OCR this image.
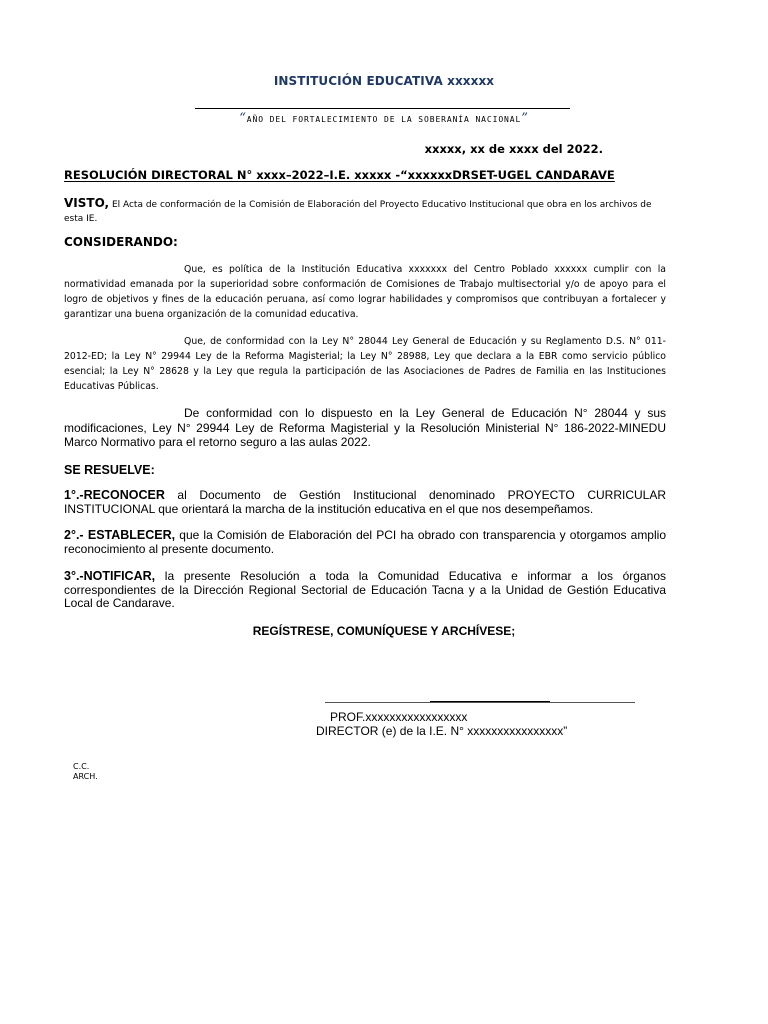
INSTITUCIÓN EDUCATIVA xxxxxx
“AÑO DEL FORTALECIMIENTO DE LA SOBERANÍA NACIONAL”
xxxxx, xx de xxxx del 2022.
RESOLUCIÓN DIRECTORAL N° xxxx–2022–I.E. xxxxx -“xxxxxxDRSET-UGEL CANDARAVE
VISTO, El Acta de conformación de la Comisión de Elaboración del Proyecto Educativo Institucional que obra en los archivos de esta IE.
CONSIDERANDO:
Que, es política de la Institución Educativa xxxxxxx del Centro Poblado xxxxxx cumplir con la normatividad emanada por la superioridad sobre conformación de Comisiones de Trabajo multisectorial y/o de apoyo para el logro de objetivos y fines de la educación peruana, así como lograr habilidades y compromisos que contribuyan a fortalecer y garantizar una buena organización de la comunidad educativa.
Que, de conformidad con la Ley N° 28044 Ley General de Educación y su Reglamento D.S. N° 011-2012-ED; la Ley N° 29944 Ley de la Reforma Magisterial; la Ley N° 28988, Ley que declara a la EBR como servicio público esencial; la Ley N° 28628 y la Ley que regula la participación de las Asociaciones de Padres de Familia en las Instituciones Educativas Públicas.
De conformidad con lo dispuesto en la Ley General de Educación N° 28044 y sus modificaciones, Ley N° 29944 Ley de Reforma Magisterial y la Resolución Ministerial N° 186-2022-MINEDU Marco Normativo para el retorno seguro a las aulas 2022.
SE RESUELVE:
1°.-RECONOCER al Documento de Gestión Institucional denominado PROYECTO CURRICULAR INSTITUCIONAL que orientará la marcha de la institución educativa en el que nos desempeñamos.
2°.- ESTABLECER, que la Comisión de Elaboración del PCI ha obrado con transparencia y otorgamos amplio reconocimiento al presente documento.
3°.-NOTIFICAR, la presente Resolución a toda la Comunidad Educativa e informar a los órganos correspondientes de la Dirección Regional Sectorial de Educación Tacna y a la Unidad de Gestión Educativa Local de Candarave.
REGÍSTRESE, COMUNÍQUESE Y ARCHÍVESE;
PROF.xxxxxxxxxxxxxxxxx
DIRECTOR (e) de la I.E. N° xxxxxxxxxxxxxxxx”
C.C.
ARCH.
